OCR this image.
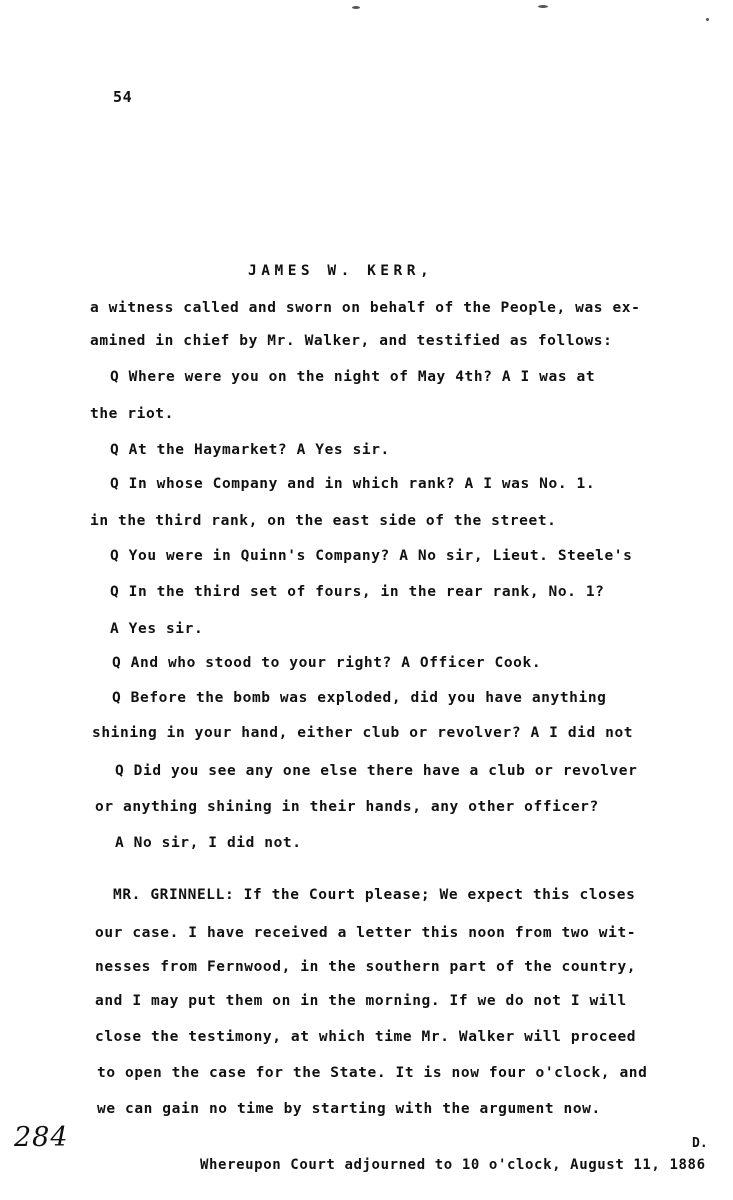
54
JAMES W. KERR,
a witness called and sworn on behalf of the People, was ex-
amined in chief by Mr. Walker, and testified as follows:
Q Where were you on the night of May 4th? A I was at
the riot.
Q At the Haymarket? A Yes sir.
Q In whose Company and in which rank? A I was No. 1.
in the third rank, on the east side of the street.
Q You were in Quinn's Company? A No sir, Lieut. Steele's
Q In the third set of fours, in the rear rank, No. 1?
A Yes sir.
Q And who stood to your right? A Officer Cook.
Q Before the bomb was exploded, did you have anything
shining in your hand, either club or revolver? A I did not
Q Did you see any one else there have a club or revolver
or anything shining in their hands, any other officer?
A No sir, I did not.
MR. GRINNELL: If the Court please; We expect this closes
our case. I have received a letter this noon from two wit-
nesses from Fernwood, in the southern part of the country,
and I may put them on in the morning. If we do not I will
close the testimony, at which time Mr. Walker will proceed
to open the case for the State. It is now four o'clock, and
we can gain no time by starting with the argument now.
284	D.
Whereupon Court adjourned to 10 o'clock, August 11, 1886
